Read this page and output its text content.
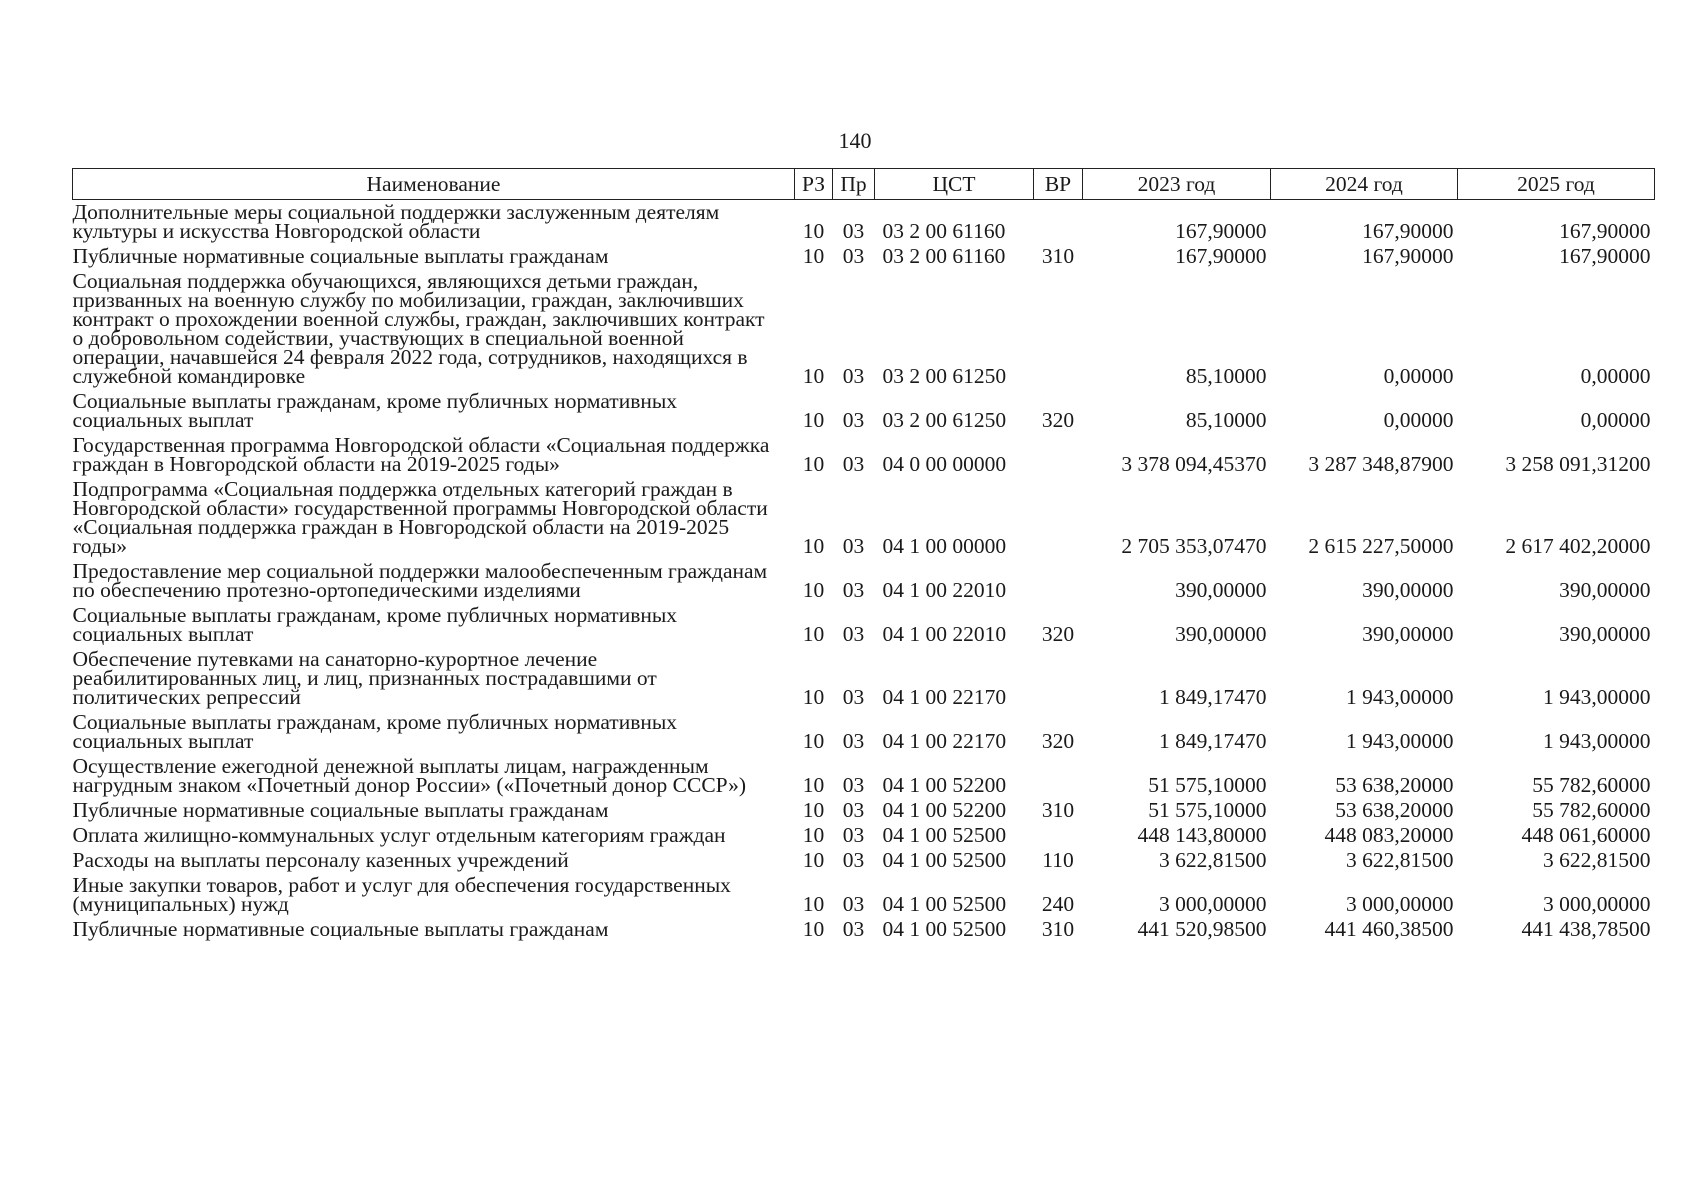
140
Наименование	РЗ	Пр	ЦСТ	ВР	2023 год	2024 год	2025 год
Дополнительные меры социальной поддержки заслуженным деятелям культуры и искусства Новгородской области	10	03	03 2 00 61160		167,90000	167,90000	167,90000
Публичные нормативные социальные выплаты гражданам	10	03	03 2 00 61160	310	167,90000	167,90000	167,90000
Социальная поддержка обучающихся, являющихся детьми граждан, призванных на военную службу по мобилизации, граждан, заключивших контракт о прохождении военной службы, граждан, заключивших контракт о добровольном содействии, участвующих в специальной военной операции, начавшейся 24 февраля 2022 года, сотрудников, находящихся в служебной командировке	10	03	03 2 00 61250		85,10000	0,00000	0,00000
Социальные выплаты гражданам, кроме публичных нормативных социальных выплат	10	03	03 2 00 61250	320	85,10000	0,00000	0,00000
Государственная программа Новгородской области «Социальная поддержка граждан в Новгородской области на 2019-2025 годы»	10	03	04 0 00 00000		3 378 094,45370	3 287 348,87900	3 258 091,31200
Подпрограмма «Социальная поддержка отдельных категорий граждан в Новгородской области» государственной программы Новгородской области «Социальная поддержка граждан в Новгородской области на 2019-2025 годы»	10	03	04 1 00 00000		2 705 353,07470	2 615 227,50000	2 617 402,20000
Предоставление мер социальной поддержки малообеспеченным гражданам по обеспечению протезно-ортопедическими изделиями	10	03	04 1 00 22010		390,00000	390,00000	390,00000
Социальные выплаты гражданам, кроме публичных нормативных социальных выплат	10	03	04 1 00 22010	320	390,00000	390,00000	390,00000
Обеспечение путевками на санаторно-курортное лечение реабилитированных лиц, и лиц, признанных пострадавшими от политических репрессий	10	03	04 1 00 22170		1 849,17470	1 943,00000	1 943,00000
Социальные выплаты гражданам, кроме публичных нормативных социальных выплат	10	03	04 1 00 22170	320	1 849,17470	1 943,00000	1 943,00000
Осуществление ежегодной денежной выплаты лицам, награжденным нагрудным знаком «Почетный донор России» («Почетный донор СССР»)	10	03	04 1 00 52200		51 575,10000	53 638,20000	55 782,60000
Публичные нормативные социальные выплаты гражданам	10	03	04 1 00 52200	310	51 575,10000	53 638,20000	55 782,60000
Оплата жилищно-коммунальных услуг отдельным категориям граждан	10	03	04 1 00 52500		448 143,80000	448 083,20000	448 061,60000
Расходы на выплаты персоналу казенных учреждений	10	03	04 1 00 52500	110	3 622,81500	3 622,81500	3 622,81500
Иные закупки товаров, работ и услуг для обеспечения государственных (муниципальных) нужд	10	03	04 1 00 52500	240	3 000,00000	3 000,00000	3 000,00000
Публичные нормативные социальные выплаты гражданам	10	03	04 1 00 52500	310	441 520,98500	441 460,38500	441 438,78500
